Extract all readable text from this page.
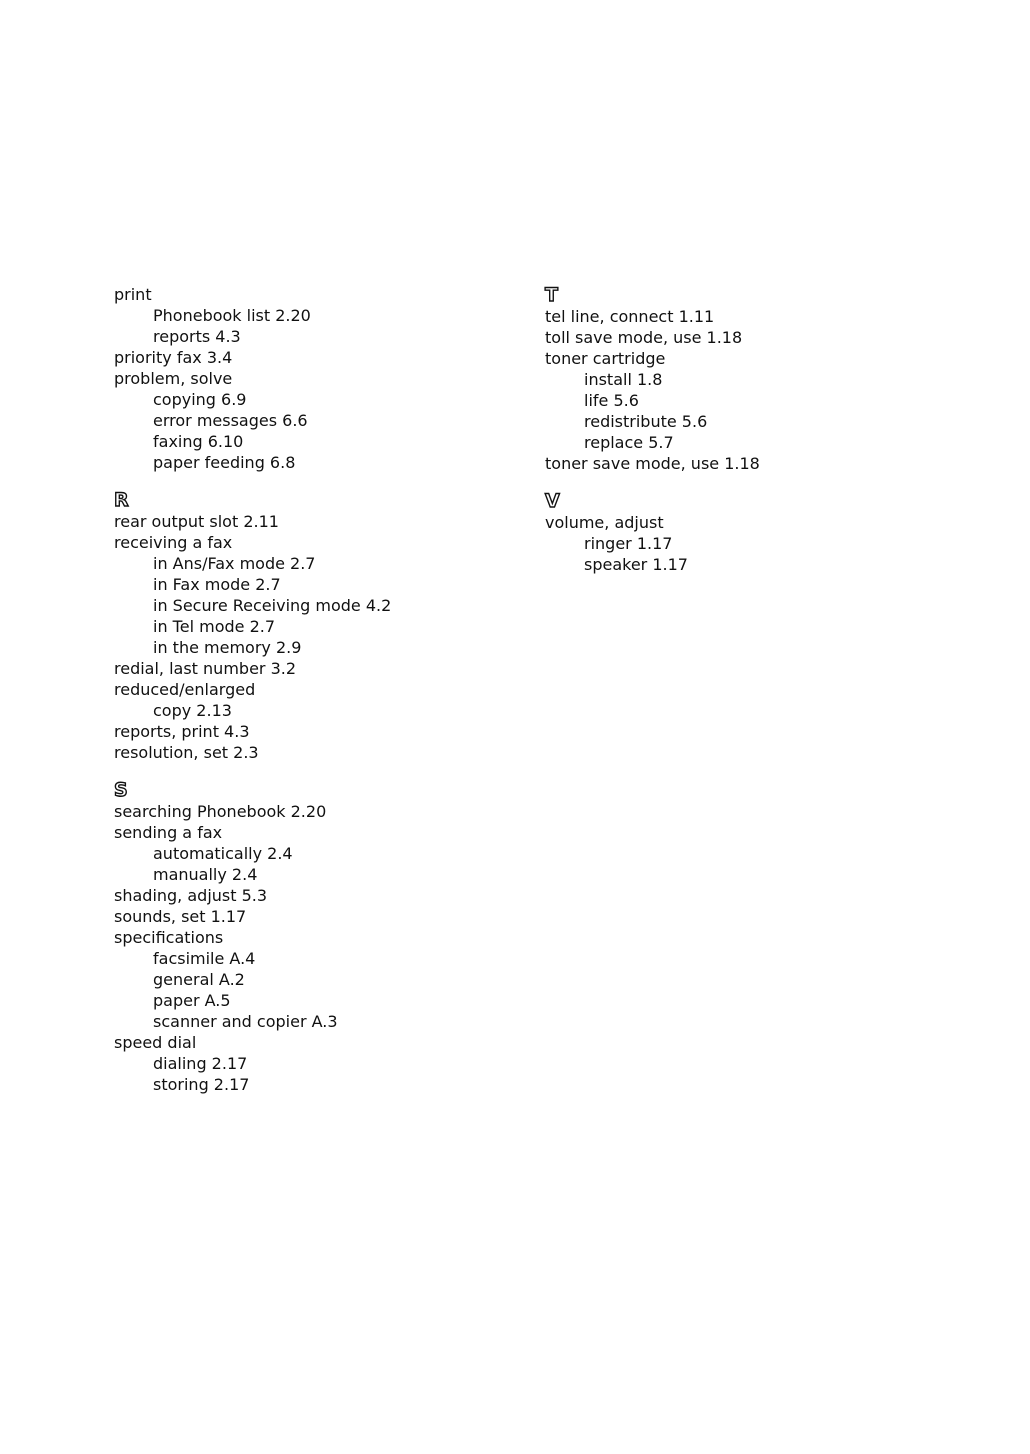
print
Phonebook list 2.20
reports 4.3
priority fax 3.4
problem, solve
copying 6.9
error messages 6.6
faxing 6.10
paper feeding 6.8
R
rear output slot 2.11
receiving a fax
in Ans/Fax mode 2.7
in Fax mode 2.7
in Secure Receiving mode 4.2
in Tel mode 2.7
in the memory 2.9
redial, last number 3.2
reduced/enlarged
copy 2.13
reports, print 4.3
resolution, set 2.3
S
searching Phonebook 2.20
sending a fax
automatically 2.4
manually 2.4
shading, adjust 5.3
sounds, set 1.17
specifications
facsimile A.4
general A.2
paper A.5
scanner and copier A.3
speed dial
dialing 2.17
storing 2.17
T
tel line, connect 1.11
toll save mode, use 1.18
toner cartridge
install 1.8
life 5.6
redistribute 5.6
replace 5.7
toner save mode, use 1.18
V
volume, adjust
ringer 1.17
speaker 1.17
